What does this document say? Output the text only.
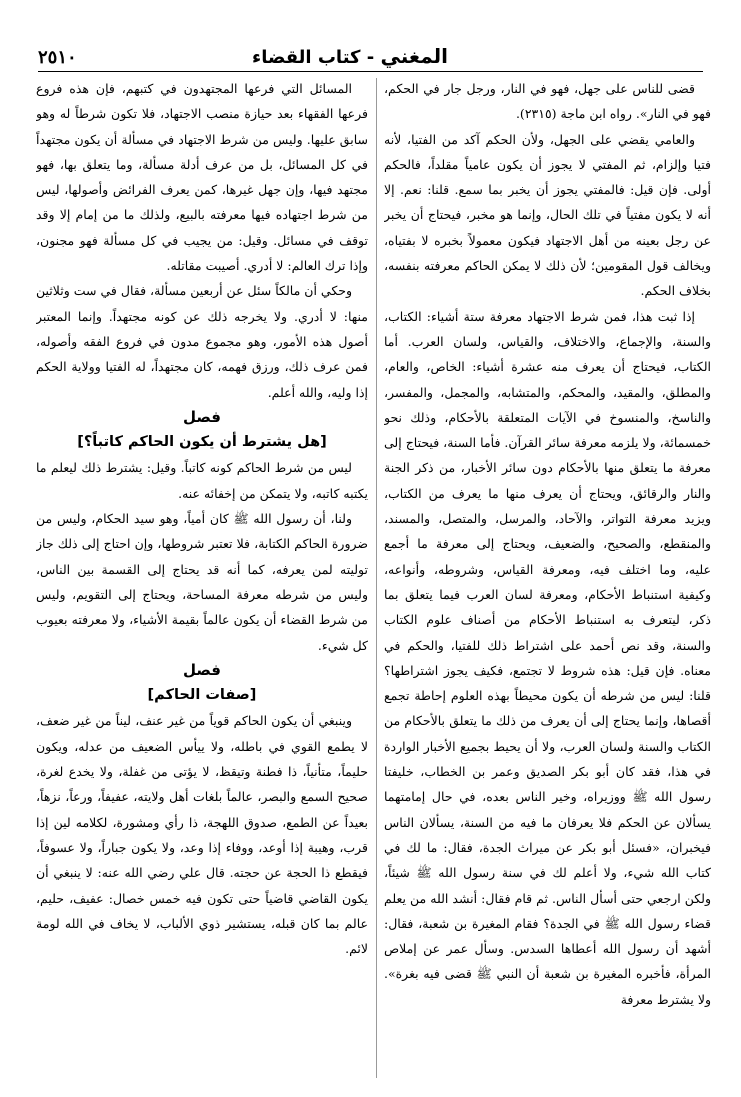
٢٥١٠	المغني - كتاب القضاء

قضى للناس على جهل، فهو في النار، ورجل جار في الحكم، فهو في النار». رواه ابن ماجة (٢٣١٥).

والعامي يقضي على الجهل، ولأن الحكم آكد من الفتيا، لأنه فتيا وإلزام، ثم المفتي لا يجوز أن يكون عامياً مقلداً، فالحكم أولى. فإن قيل: فالمفتي يجوز أن يخبر بما سمع. قلنا: نعم. إلا أنه لا يكون مفتياً في تلك الحال، وإنما هو مخبر، فيحتاج أن يخبر عن رجل بعينه من أهل الاجتهاد فيكون معمولاً بخبره لا بفتياه، ويخالف قول المقومين؛ لأن ذلك لا يمكن الحاكم معرفته بنفسه، بخلاف الحكم.

إذا ثبت هذا، فمن شرط الاجتهاد معرفة ستة أشياء: الكتاب، والسنة، والإجماع، والاختلاف، والقياس، ولسان العرب. أما الكتاب، فيحتاج أن يعرف منه عشرة أشياء: الخاص، والعام، والمطلق، والمقيد، والمحكم، والمتشابه، والمجمل، والمفسر، والناسخ، والمنسوخ في الآيات المتعلقة بالأحكام، وذلك نحو خمسمائة، ولا يلزمه معرفة سائر القرآن. فأما السنة، فيحتاج إلى معرفة ما يتعلق منها بالأحكام دون سائر الأخبار، من ذكر الجنة والنار والرقائق، ويحتاج أن يعرف منها ما يعرف من الكتاب، ويزيد معرفة التواتر، والآحاد، والمرسل، والمتصل، والمسند، والمنقطع، والصحيح، والضعيف، ويحتاج إلى معرفة ما أجمع عليه، وما اختلف فيه، ومعرفة القياس، وشروطه، وأنواعه، وكيفية استنباط الأحكام، ومعرفة لسان العرب فيما يتعلق بما ذكر، ليتعرف به استنباط الأحكام من أصناف علوم الكتاب والسنة، وقد نص أحمد على اشتراط ذلك للفتيا، والحكم في معناه. فإن قيل: هذه شروط لا تجتمع، فكيف يجوز اشتراطها؟ قلنا: ليس من شرطه أن يكون محيطاً بهذه العلوم إحاطة تجمع أقصاها، وإنما يحتاج إلى أن يعرف من ذلك ما يتعلق بالأحكام من الكتاب والسنة ولسان العرب، ولا أن يحيط بجميع الأخبار الواردة في هذا، فقد كان أبو بكر الصديق وعمر بن الخطاب، خليفتا رسول الله ﷺ ووزيراه، وخير الناس بعده، في حال إمامتهما يسألان عن الحكم فلا يعرفان ما فيه من السنة، يسألان الناس فيخبران، «فسئل أبو بكر عن ميراث الجدة، فقال: ما لك في كتاب الله شيء، ولا أعلم لك في سنة رسول الله ﷺ شيئاً، ولكن ارجعي حتى أسأل الناس. ثم قام فقال: أنشد الله من يعلم قضاء رسول الله ﷺ في الجدة؟ فقام المغيرة بن شعبة، فقال: أشهد أن رسول الله أعطاها السدس. وسأل عمر عن إملاص المرأة، فأخبره المغيرة بن شعبة أن النبي ﷺ قضى فيه بغرة». ولا يشترط معرفة

المسائل التي فرعها المجتهدون في كتبهم، فإن هذه فروع فرعها الفقهاء بعد حيازة منصب الاجتهاد، فلا تكون شرطاً له وهو سابق عليها. وليس من شرط الاجتهاد في مسألة أن يكون مجتهداً في كل المسائل، بل من عرف أدلة مسألة، وما يتعلق بها، فهو مجتهد فيها، وإن جهل غيرها، كمن يعرف الفرائض وأصولها، ليس من شرط اجتهاده فيها معرفته بالبيع، ولذلك ما من إمام إلا وقد توقف في مسائل. وقيل: من يجيب في كل مسألة فهو مجنون، وإذا ترك العالم: لا أدري. أصيبت مقاتله.

وحكي أن مالكاً سئل عن أربعين مسألة، فقال في ست وثلاثين منها: لا أدري. ولا يخرجه ذلك عن كونه مجتهداً. وإنما المعتبر أصول هذه الأمور، وهو مجموع مدون في فروع الفقه وأصوله، فمن عرف ذلك، ورزق فهمه، كان مجتهداً، له الفتيا وولاية الحكم إذا وليه، والله أعلم.

فصل

[هل يشترط أن يكون الحاكم كاتباً؟]

ليس من شرط الحاكم كونه كاتباً. وقيل: يشترط ذلك ليعلم ما يكتبه كاتبه، ولا يتمكن من إخفائه عنه.

ولنا، أن رسول الله ﷺ كان أمياً، وهو سيد الحكام، وليس من ضرورة الحاكم الكتابة، فلا تعتبر شروطها، وإن احتاج إلى ذلك جاز توليته لمن يعرفه، كما أنه قد يحتاج إلى القسمة بين الناس، وليس من شرطه معرفة المساحة، ويحتاج إلى التقويم، وليس من شرط القضاء أن يكون عالماً بقيمة الأشياء، ولا معرفته بعيوب كل شيء.

فصل

[صفات الحاكم]

وينبغي أن يكون الحاكم قوياً من غير عنف، ليناً من غير ضعف، لا يطمع القوي في باطله، ولا ييأس الضعيف من عدله، ويكون حليماً، متأنياً، ذا فطنة وتيقظ، لا يؤتى من غفلة، ولا يخدع لغرة، صحيح السمع والبصر، عالماً بلغات أهل ولايته، عفيفاً، ورعاً، نزهاً، بعيداً عن الطمع، صدوق اللهجة، ذا رأي ومشورة، لكلامه لين إذا قرب، وهيبة إذا أوعد، ووفاء إذا وعد، ولا يكون جباراً، ولا عسوفاً، فيقطع ذا الحجة عن حجته. قال علي رضي الله عنه: لا ينبغي أن يكون القاضي قاضياً حتى تكون فيه خمس خصال: عفيف، حليم، عالم بما كان قبله، يستشير ذوي الألباب، لا يخاف في الله لومة لائم.
